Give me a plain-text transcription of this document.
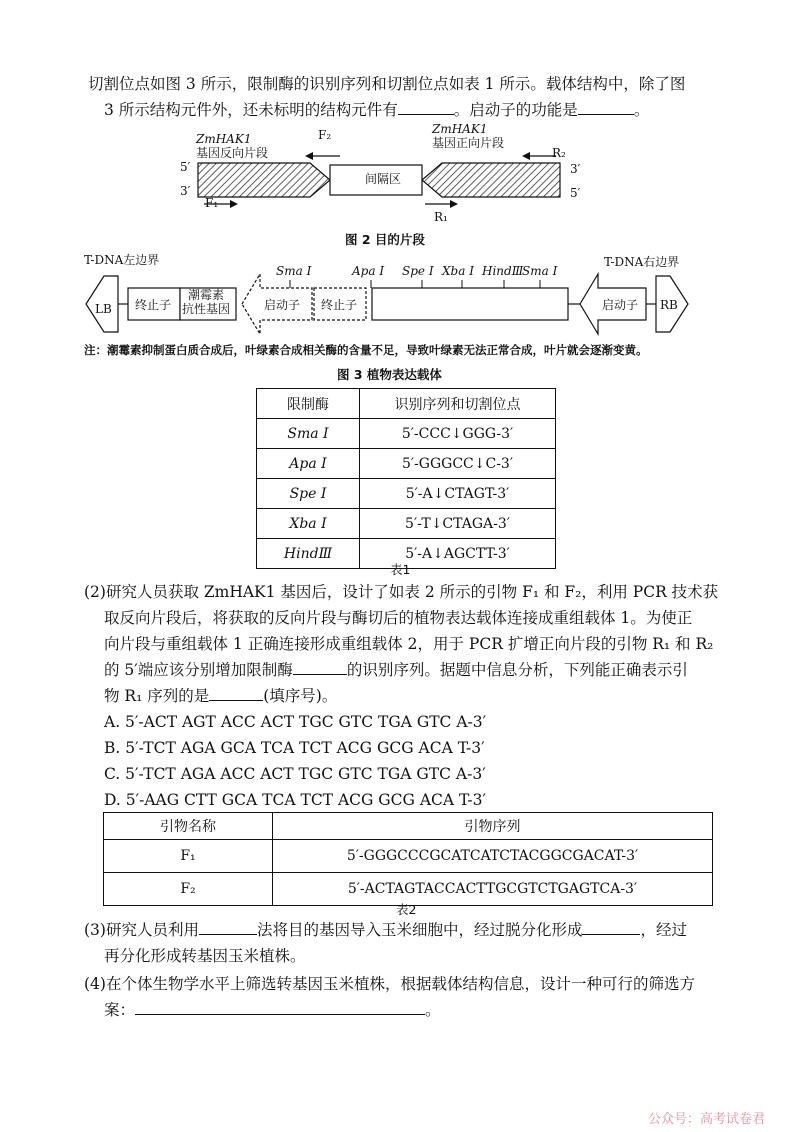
切割位点如图 3 所示，限制酶的识别序列和切割位点如表 1 所示。载体结构中，除了图
3 所示结构元件外，还未标明的结构元件有	。启动子的功能是	。
ZmHAK1
基因反向片段
ZmHAK1
基因正向片段
间隔区
F₂
F₁
R₁
R₂
5′
3′
3′
5′
图 2 目的片段
T-DNA左边界	T-DNA右边界
LB 终止子
潮霉素
抗性基因	启动子 终止子	启动子 RB
Sma Ⅰ	Apa Ⅰ Spe Ⅰ Xba Ⅰ HindⅢ
Sma Ⅰ
注：潮霉素抑制蛋白质合成后，叶绿素合成相关酶的含量不足，导致叶绿素无法正常合成，叶片就会逐渐变黄。
图 3 植物表达载体
限制酶	识别序列和切割位点
Sma Ⅰ	5′-CCC↓GGG-3′
Apa Ⅰ	5′-GGGCC↓C-3′
Spe Ⅰ	5′-A↓CTAGT-3′
Xba Ⅰ	5′-T↓CTAGA-3′
HindⅢ	5′-A↓AGCTT-3′
表1
(2)研究人员获取 ZmHAK1 基因后，设计了如表 2 所示的引物 F₁ 和 F₂，利用 PCR 技术获
取反向片段后，将获取的反向片段与酶切后的植物表达载体连接成重组载体 1。为使正
向片段与重组载体 1 正确连接形成重组载体 2，用于 PCR 扩增正向片段的引物 R₁ 和 R₂
的 5′端应该分别增加限制酶	的识别序列。据题中信息分析，下列能正确表示引
物 R₁ 序列的是	(填序号)。
A. 5′-ACT AGT ACC ACT TGC GTC TGA GTC A-3′
B. 5′-TCT AGA GCA TCA TCT ACG GCG ACA T-3′
C. 5′-TCT AGA ACC ACT TGC GTC TGA GTC A-3′
D. 5′-AAG CTT GCA TCA TCT ACG GCG ACA T-3′
引物名称	引物序列
F₁	5′-GGGCCCGCATCATCTACGGCGACAT-3′
F₂	5′-ACTAGTACCACTTGCGTCTGAGTCA-3′
表2
(3)研究人员利用	法将目的基因导入玉米细胞中，经过脱分化形成	，经过
再分化形成转基因玉米植株。
(4)在个体生物学水平上筛选转基因玉米植株，根据载体结构信息，设计一种可行的筛选方
案：	。
公众号：高考试卷君
